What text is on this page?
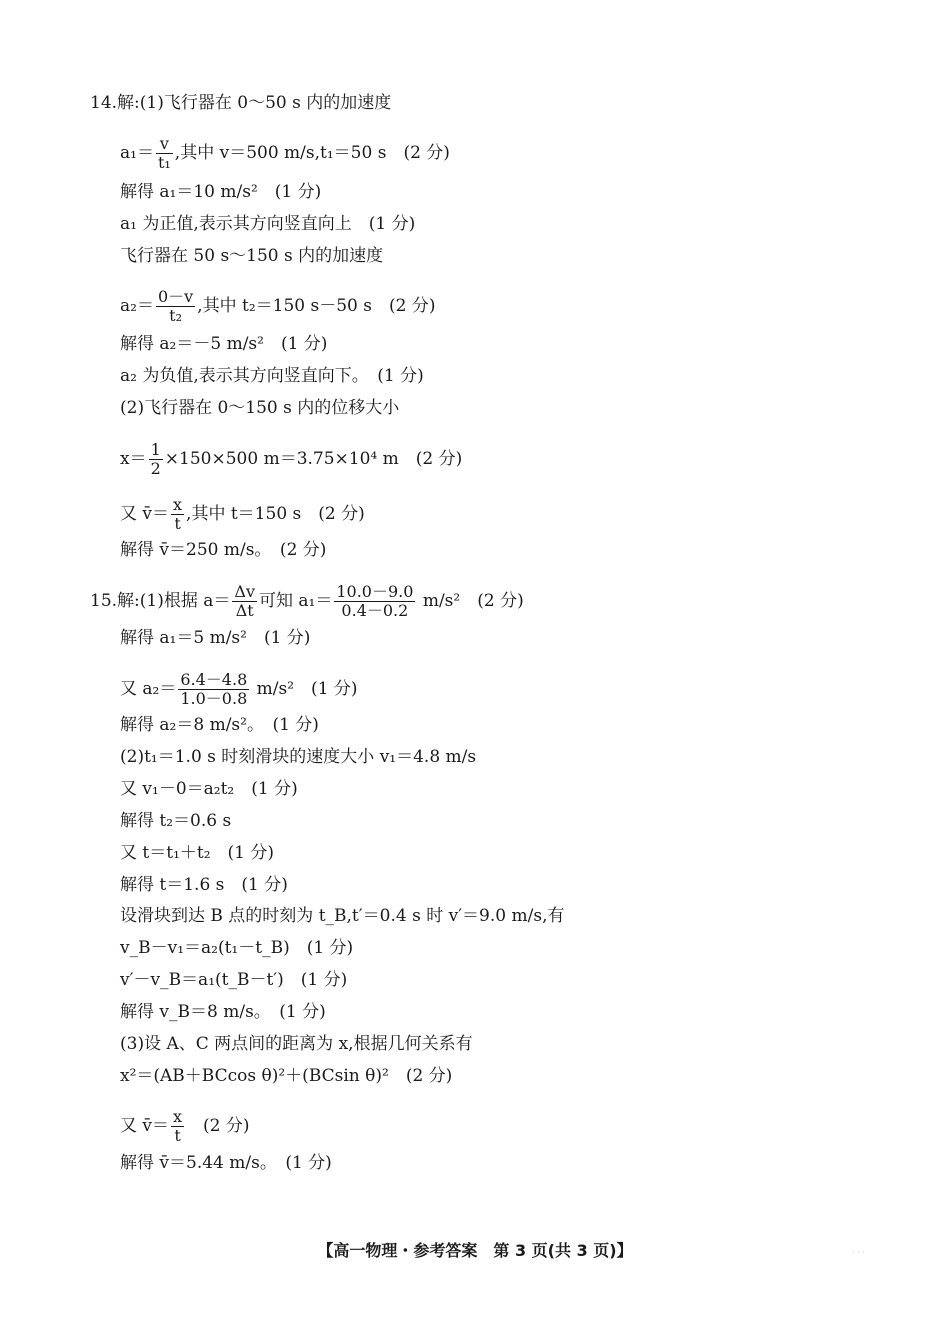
14.解:(1)飞行器在 0～50 s 内的加速度
$a_1= \frac{v}{\text{t₁}}$ ,其中 v＝500 m/s,t₁＝50 s　(2 分)
解得 a₁＝10 m/s²　(1 分)
a₁ 为正值,表示其方向竖直向上　(1 分)
飞行器在 50 s～150 s 内的加速度
$a_2= \frac{0-v}{\text{t₂}}$ ,其中 t₂＝150 s－50 s　(2 分)
解得 a₂＝－5 m/s²　(1 分)
a₂ 为负值,表示其方向竖直向下。　(1 分)
(2)飞行器在 0～150 s 内的位移大小
$x= \frac{1}{2} \times 150\times 500$ m＝3.75×10⁴ m　(2 分)
又 v̄＝ $\frac{x}{t}$ ,其中 t＝150 s　(2 分)
解得 v̄＝250 m/s。　(2 分)
15.解:(1)根据 $a= \frac{\Delta v}{\Delta t}$ 可知 $a_1= \frac{10.0-9.0}{0.4-0.2} m/s^2$　(2 分)
解得 a₁＝5 m/s²　(1 分)
又 $a_2= \frac{6.4-4.8}{1.0-0.8} m/s^2$　(1 分)
解得 a₂＝8 m/s²。　(1 分)
(2)t₁＝1.0 s 时刻滑块的速度大小 v₁＝4.8 m/s
又 v₁－0＝a₂t₂　(1 分)
解得 t₂＝0.6 s
又 t＝t₁＋t₂　(1 分)
解得 t＝1.6 s　(1 分)
设滑块到达 B 点的时刻为 t_B,t′＝0.4 s 时 v′＝9.0 m/s,有
v_B－v₁＝a₂(t₁－t_B)　(1 分)
v′－v_B＝a₁(t_B－t′)　(1 分)
解得 v_B＝8 m/s。　(1 分)
(3)设 A、C 两点间的距离为 x,根据几何关系有
x²＝(AB＋BCcos θ)²＋(BCsin θ)²　(2 分)
又 v̄＝ $\frac{x}{t}$ 　(2 分)
解得 v̄＝5.44 m/s。　(1 分)
【高一物理・参考答案　第 3 页(共 3 页)】	· · ·
